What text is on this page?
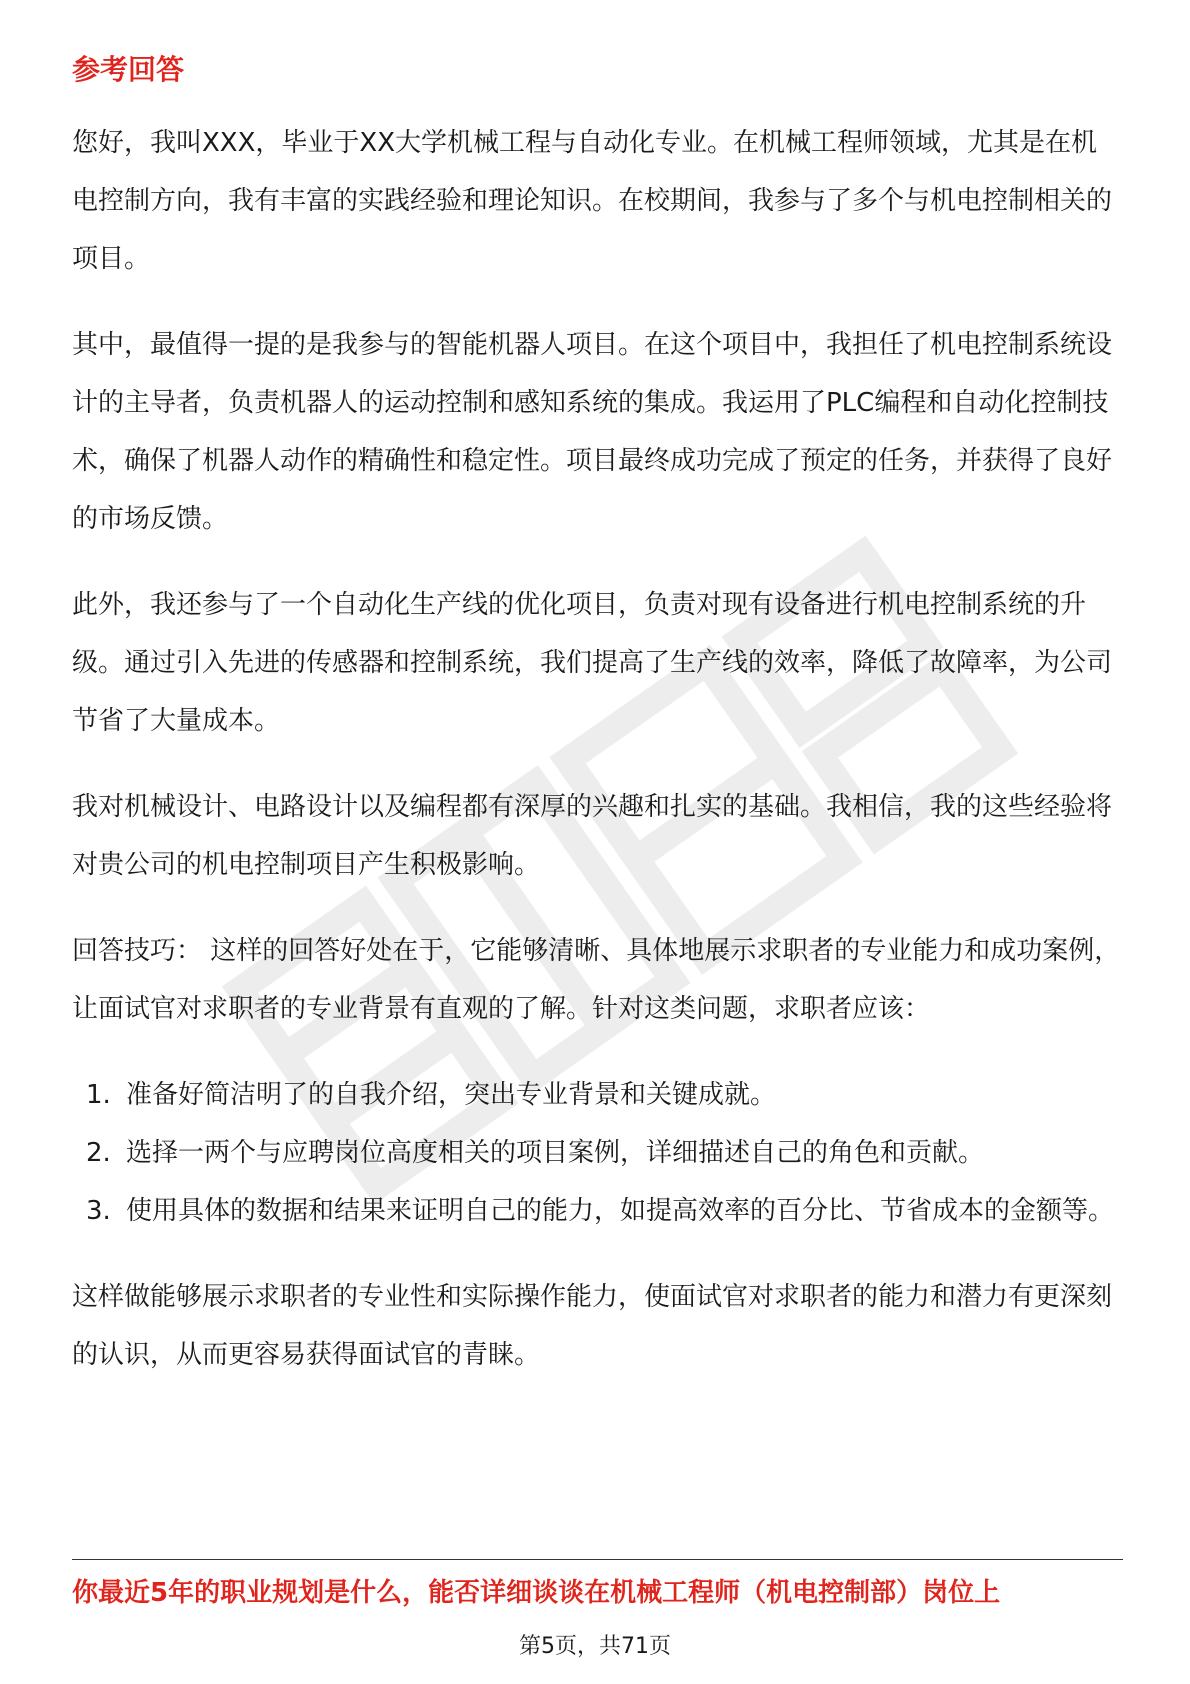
参考回答

您好，我叫XXX，毕业于XX大学机械工程与自动化专业。在机械工程师领域，尤其是在机电控制方向，我有丰富的实践经验和理论知识。在校期间，我参与了多个与机电控制相关的项目。

其中，最值得一提的是我参与的智能机器人项目。在这个项目中，我担任了机电控制系统设计的主导者，负责机器人的运动控制和感知系统的集成。我运用了PLC编程和自动化控制技术，确保了机器人动作的精确性和稳定性。项目最终成功完成了预定的任务，并获得了良好的市场反馈。

此外，我还参与了一个自动化生产线的优化项目，负责对现有设备进行机电控制系统的升级。通过引入先进的传感器和控制系统，我们提高了生产线的效率，降低了故障率，为公司节省了大量成本。

我对机械设计、电路设计以及编程都有深厚的兴趣和扎实的基础。我相信，我的这些经验将对贵公司的机电控制项目产生积极影响。

回答技巧： 这样的回答好处在于，它能够清晰、具体地展示求职者的专业能力和成功案例，让面试官对求职者的专业背景有直观的了解。针对这类问题，求职者应该：

1. 准备好简洁明了的自我介绍，突出专业背景和关键成就。
2. 选择一两个与应聘岗位高度相关的项目案例，详细描述自己的角色和贡献。
3. 使用具体的数据和结果来证明自己的能力，如提高效率的百分比、节省成本的金额等。

这样做能够展示求职者的专业性和实际操作能力，使面试官对求职者的能力和潜力有更深刻的认识，从而更容易获得面试官的青睐。

你最近5年的职业规划是什么，能否详细谈谈在机械工程师（机电控制部）岗位上

第5页，共71页
